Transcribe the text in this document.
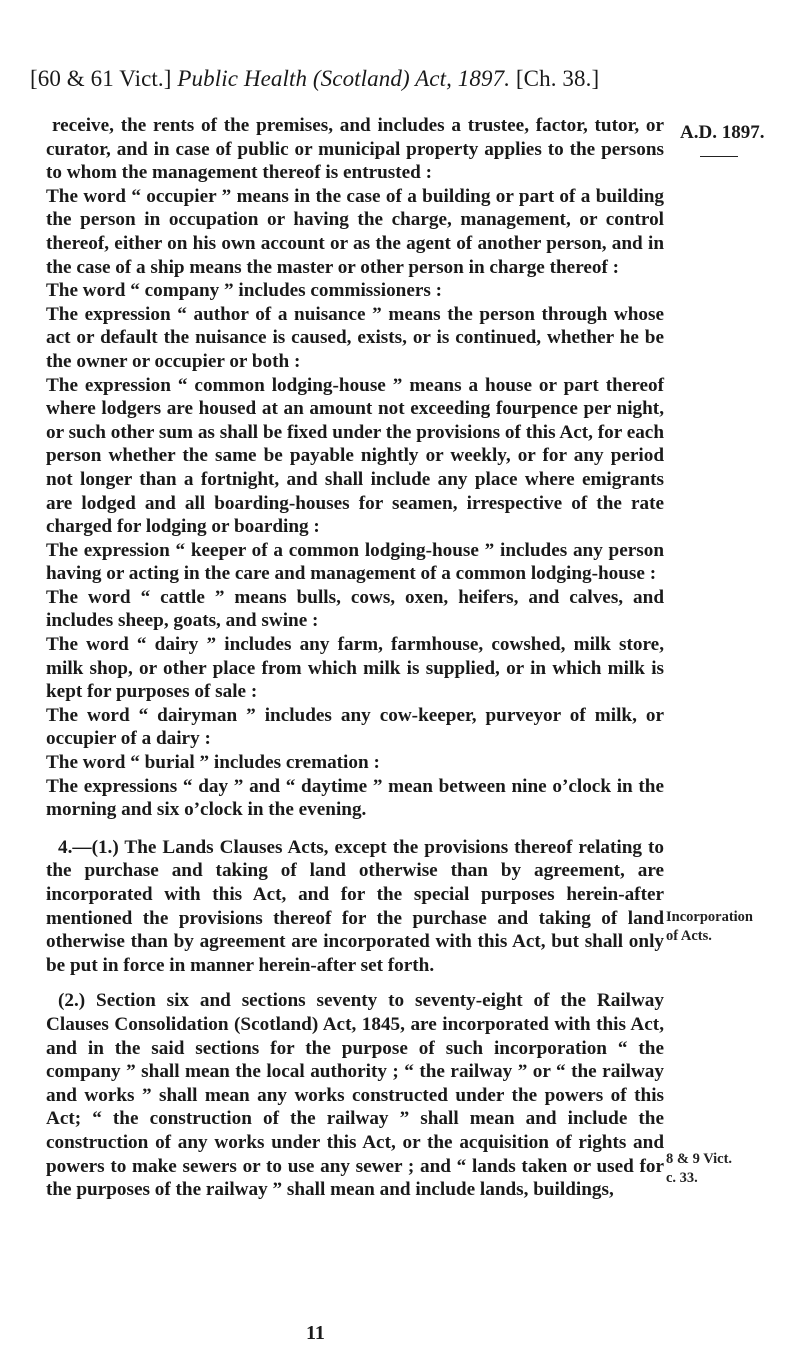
[60 & 61 Vict.] Public Health (Scotland) Act, 1897. [Ch. 38.]
A.D. 1897.

receive, the rents of the premises, and includes a trustee, factor, tutor, or curator, and in case of public or municipal property applies to the persons to whom the management thereof is entrusted :

The word “ occupier ” means in the case of a building or part of a building the person in occupation or having the charge, management, or control thereof, either on his own account or as the agent of another person, and in the case of a ship means the master or other person in charge thereof :

The word “ company ” includes commissioners :

The expression “ author of a nuisance ” means the person through whose act or default the nuisance is caused, exists, or is continued, whether he be the owner or occupier or both :

The expression “ common lodging-house ” means a house or part thereof where lodgers are housed at an amount not exceeding fourpence per night, or such other sum as shall be fixed under the provisions of this Act, for each person whether the same be payable nightly or weekly, or for any period not longer than a fortnight, and shall include any place where emigrants are lodged and all boarding-houses for seamen, irrespective of the rate charged for lodging or boarding :

The expression “ keeper of a common lodging-house ” includes any person having or acting in the care and management of a common lodging-house :

The word “ cattle ” means bulls, cows, oxen, heifers, and calves, and includes sheep, goats, and swine :

The word “ dairy ” includes any farm, farmhouse, cowshed, milk store, milk shop, or other place from which milk is supplied, or in which milk is kept for purposes of sale :

The word “ dairyman ” includes any cow-keeper, purveyor of milk, or occupier of a dairy :

The word “ burial ” includes cremation :

The expressions “ day ” and “ daytime ” mean between nine o’clock in the morning and six o’clock in the evening.

4.—(1.) The Lands Clauses Acts, except the provisions thereof relating to the purchase and taking of land otherwise than by agreement, are incorporated with this Act, and for the special purposes herein-after mentioned the provisions thereof for the purchase and taking of land otherwise than by agreement are incorporated with this Act, but shall only be put in force in manner herein-after set forth.

(2.) Section six and sections seventy to seventy-eight of the Railway Clauses Consolidation (Scotland) Act, 1845, are incorporated with this Act, and in the said sections for the purpose of such incorporation “ the company ” shall mean the local authority ; “ the railway ” or “ the railway and works ” shall mean any works constructed under the powers of this Act; “ the construction of the railway ” shall mean and include the construction of any works under this Act, or the acquisition of rights and powers to make sewers or to use any sewer ; and “ lands taken or used for the purposes of the railway ” shall mean and include lands, buildings,

Incorporation
of Acts.
8 & 9 Vict.
c. 33.
11
